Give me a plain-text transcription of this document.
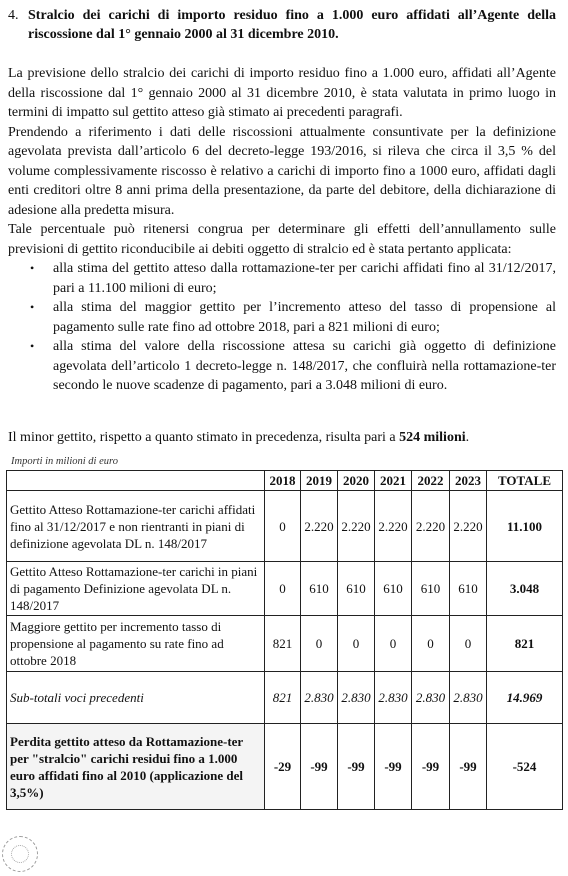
4. Stralcio dei carichi di importo residuo fino a 1.000 euro affidati all’Agente della riscossione dal 1° gennaio 2000 al 31 dicembre 2010.

La previsione dello stralcio dei carichi di importo residuo fino a 1.000 euro, affidati all’Agente della riscossione dal 1° gennaio 2000 al 31 dicembre 2010, è stata valutata in primo luogo in termini di impatto sul gettito atteso già stimato ai precedenti paragrafi.

Prendendo a riferimento i dati delle riscossioni attualmente consuntivate per la definizione agevolata prevista dall’articolo 6 del decreto-legge 193/2016, si rileva che circa il 3,5 % del volume complessivamente riscosso è relativo a carichi di importo fino a 1000 euro, affidati dagli enti creditori oltre 8 anni prima della presentazione, da parte del debitore, della dichiarazione di adesione alla predetta misura.

Tale percentuale può ritenersi congrua per determinare gli effetti dell’annullamento sulle previsioni di gettito riconducibile ai debiti oggetto di stralcio ed è stata pertanto applicata:

• alla stima del gettito atteso dalla rottamazione-ter per carichi affidati fino al 31/12/2017, pari a 11.100 milioni di euro;
• alla stima del maggior gettito per l’incremento atteso del tasso di propensione al pagamento sulle rate fino ad ottobre 2018, pari a 821 milioni di euro;
• alla stima del valore della riscossione attesa su carichi già oggetto di definizione agevolata dell’articolo 1 decreto-legge n. 148/2017, che confluirà nella rottamazione-ter secondo le nuove scadenze di pagamento, pari a 3.048 milioni di euro.
Il minor gettito, rispetto a quanto stimato in precedenza, risulta pari a 524 milioni.
Importi in milioni di euro
	2018	2019	2020	2021	2022	2023	TOTALE
Gettito Atteso Rottamazione-ter carichi affidati fino al 31/12/2017 e non rientranti in piani di definizione agevolata DL n. 148/2017	0	2.220	2.220	2.220	2.220	2.220	11.100
Gettito Atteso Rottamazione-ter carichi in piani di pagamento Definizione agevolata DL n. 148/2017	0	610	610	610	610	610	3.048
Maggiore gettito per incremento tasso di propensione al pagamento su rate fino ad ottobre 2018	821	0	0	0	0	0	821
Sub-totali voci precedenti	821	2.830	2.830	2.830	2.830	2.830	14.969
Perdita gettito atteso da Rottamazione-ter per "stralcio" carichi residui fino a 1.000 euro affidati fino al 2010 (applicazione del 3,5%)	-29	-99	-99	-99	-99	-99	-524
